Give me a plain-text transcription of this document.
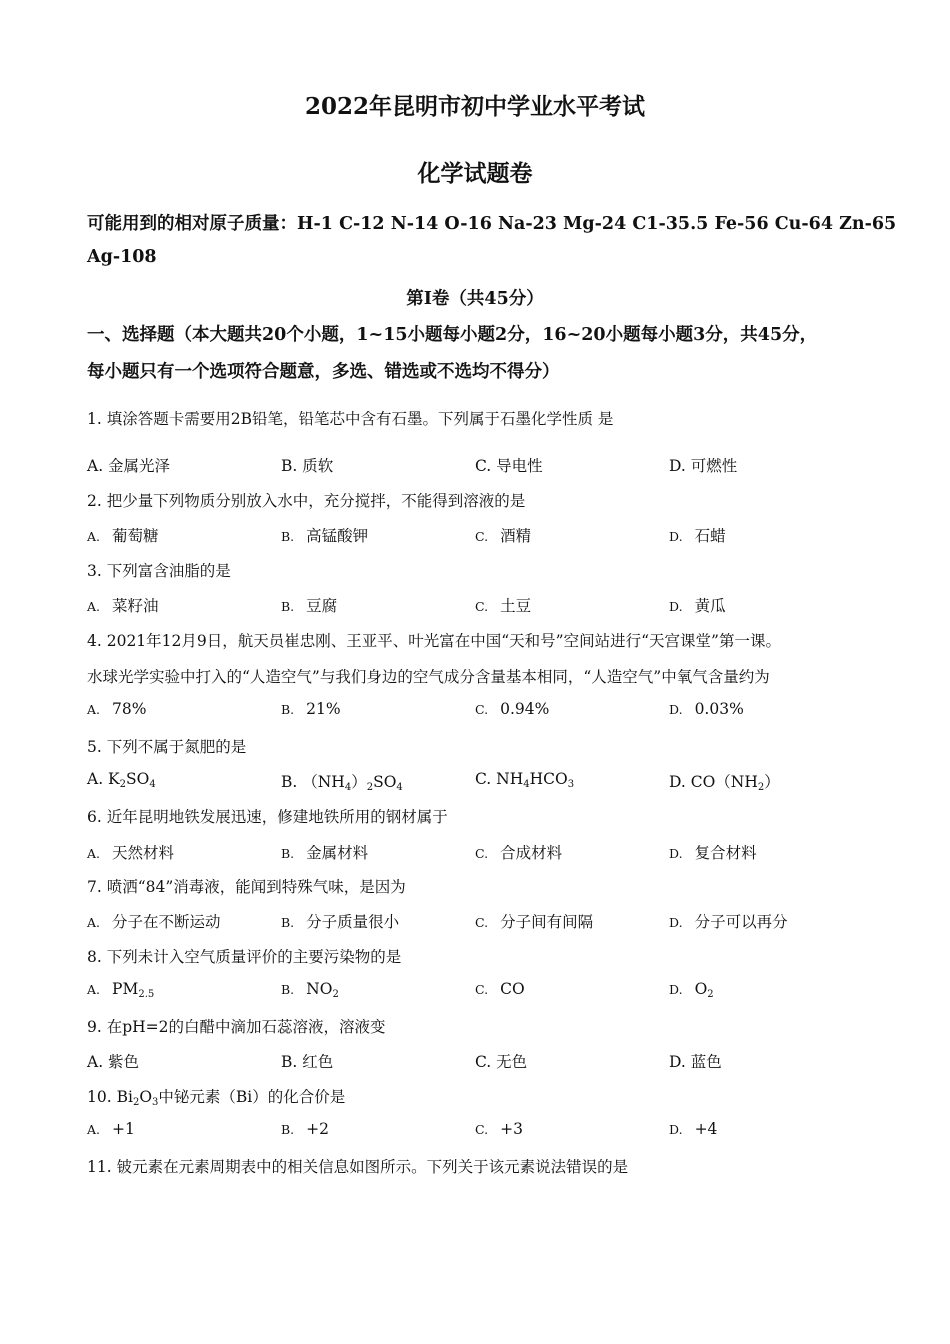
2022年昆明市初中学业水平考试
化学试题卷
可能用到的相对原子质量：H-1 C-12 N-14 O-16 Na-23 Mg-24 C1-35.5 Fe-56 Cu-64 Zn-65
Ag-108
第Ⅰ卷（共45分）
一、选择题（本大题共20个小题，1~15小题每小题2分，16~20小题每小题3分，共45分，
每小题只有一个选项符合题意，多选、错选或不选均不得分）
1. 填涂答题卡需要用2B铅笔，铅笔芯中含有石墨。下列属于石墨化学性质 是
A. 金属光泽	B. 质软	C. 导电性	D. 可燃性
2. 把少量下列物质分别放入水中，充分搅拌，不能得到溶液的是
A. 葡萄糖	B. 高锰酸钾	C. 酒精	D. 石蜡
3. 下列富含油脂的是
A. 菜籽油	B. 豆腐	C. 土豆	D. 黄瓜
4. 2021年12月9日，航天员崔忠刚、王亚平、叶光富在中国“天和号”空间站进行“天宫课堂”第一课。
水球光学实验中打入的“人造空气”与我们身边的空气成分含量基本相同，“人造空气”中氧气含量约为
A. 78%	B. 21%	C. 0.94%	D. 0.03%
5. 下列不属于氮肥的是
A. $K_2SO_4$	B. $(NH_4)_2SO_4$	C. $NH_4HCO_3$	D. $CO(NH_2)$
6. 近年昆明地铁发展迅速，修建地铁所用的钢材属于
A. 天然材料	B. 金属材料	C. 合成材料	D. 复合材料
7. 喷洒“84”消毒液，能闻到特殊气味，是因为
A. 分子在不断运动	B. 分子质量很小	C. 分子间有间隔	D. 分子可以再分
8. 下列未计入空气质量评价的主要污染物的是
A. $PM_{2.5}$	B. $NO_2$	C. CO	D. $O_2$
9. 在pH=2的白醋中滴加石蕊溶液，溶液变
A. 紫色	B. 红色	C. 无色	D. 蓝色
10. $Bi_2O_3$中铋元素（Bi）的化合价是
A. +1	B. +2	C. +3	D. +4
11. 铍元素在元素周期表中的相关信息如图所示。下列关于该元素说法错误的是
